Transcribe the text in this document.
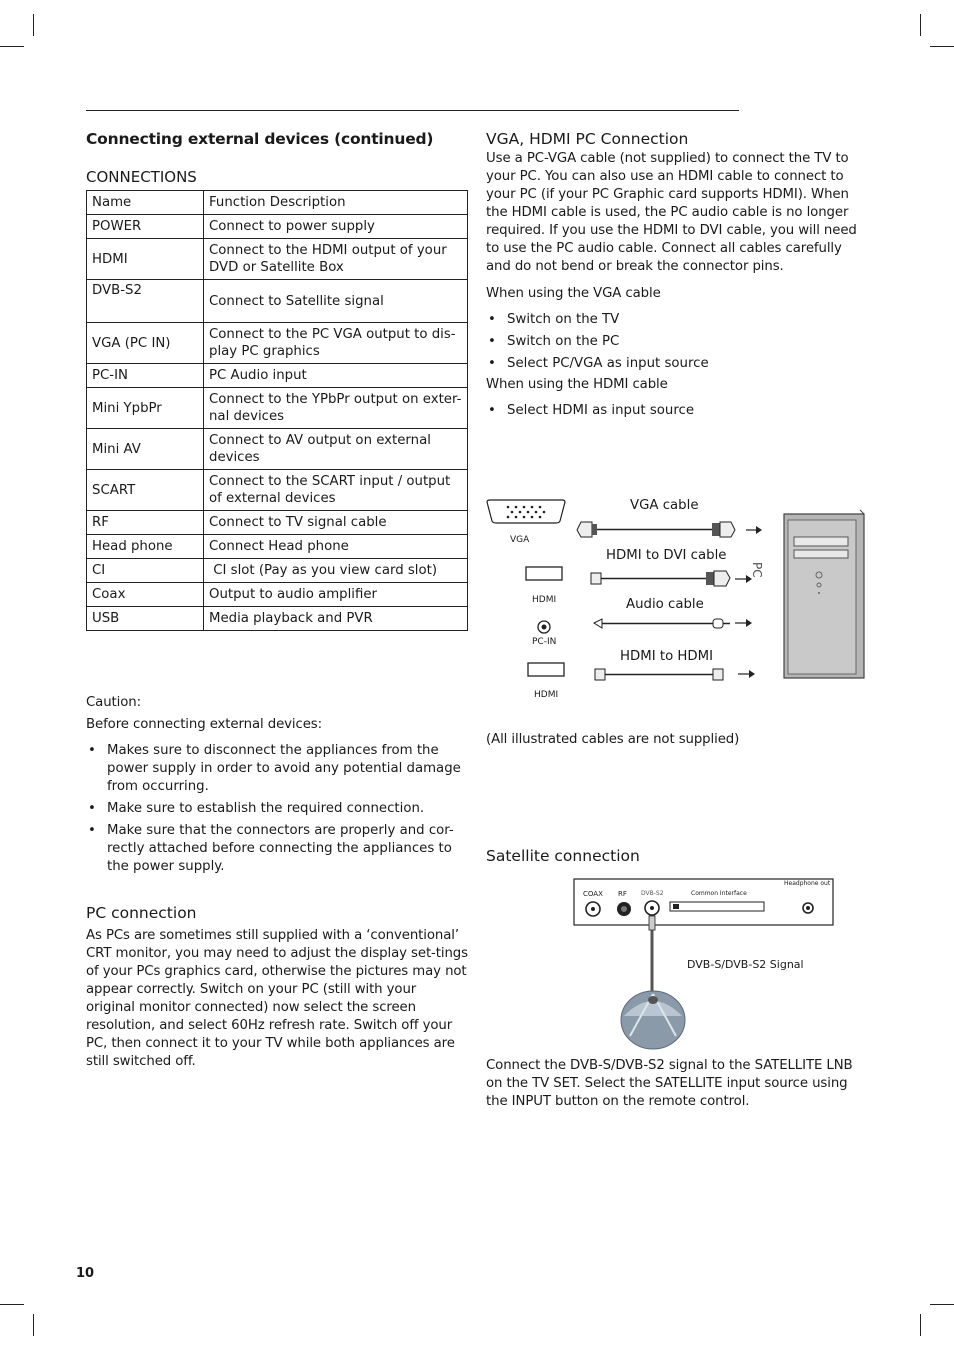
Connecting external devices (continued)
CONNECTIONS
Name	Function Description
POWER	Connect to power supply
HDMI	Connect to the HDMI output of your DVD or Satellite Box
DVB-S2	Connect to Satellite signal
VGA (PC IN)	Connect to the PC VGA output to dis-play PC graphics
PC-IN	PC Audio input
Mini YpbPr	Connect to the YPbPr output on exter-nal devices
Mini AV	Connect to AV output on external devices
SCART	Connect to the SCART input / output of external devices
RF	Connect to TV signal cable
Head phone	Connect Head phone
CI	CI slot (Pay as you view card slot)
Coax	Output to audio amplifier
USB	Media playback and PVR

Caution:

Before connecting external devices:

• Makes sure to disconnect the appliances from the power supply in order to avoid any potential damage from occurring.
• Make sure to establish the required connection.
• Make sure that the connectors are properly and cor-rectly attached before connecting the appliances to the power supply.
PC connection

As PCs are sometimes still supplied with a ‘conventional’ CRT monitor, you may need to adjust the display set-tings of your PCs graphics card, otherwise the pictures may not appear correctly. Switch on your PC (still with your original monitor connected) now select the screen resolution, and select 60Hz refresh rate. Switch off your PC, then connect it to your TV while both appliances are still switched off.

VGA, HDMI PC Connection

Use a PC-VGA cable (not supplied) to connect the TV to your PC. You can also use an HDMI cable to connect to your PC (if your PC Graphic card supports HDMI). When the HDMI cable is used, the PC audio cable is no longer required. If you use the HDMI to DVI cable, you will need to use the PC audio cable. Connect all cables carefully and do not bend or break the connector pins.

When using the VGA cable

• Switch on the TV
• Switch on the PC
• Select PC/VGA as input source

When using the HDMI cable

• Select HDMI as input source
VGA cable
HDMI to DVI cable
Audio cable
HDMI to HDMI
VGA
HDMI
PC-IN
HDMI
PC

(All illustrated cables are not supplied)

Satellite connection
COAX RF DVB-S2	Common Interface
Headphone out
DVB-S/DVB-S2 Signal

Connect the DVB-S/DVB-S2 signal to the SATELLITE LNB on the TV SET. Select the SATELLITE input source using the INPUT button on the remote control.

10
